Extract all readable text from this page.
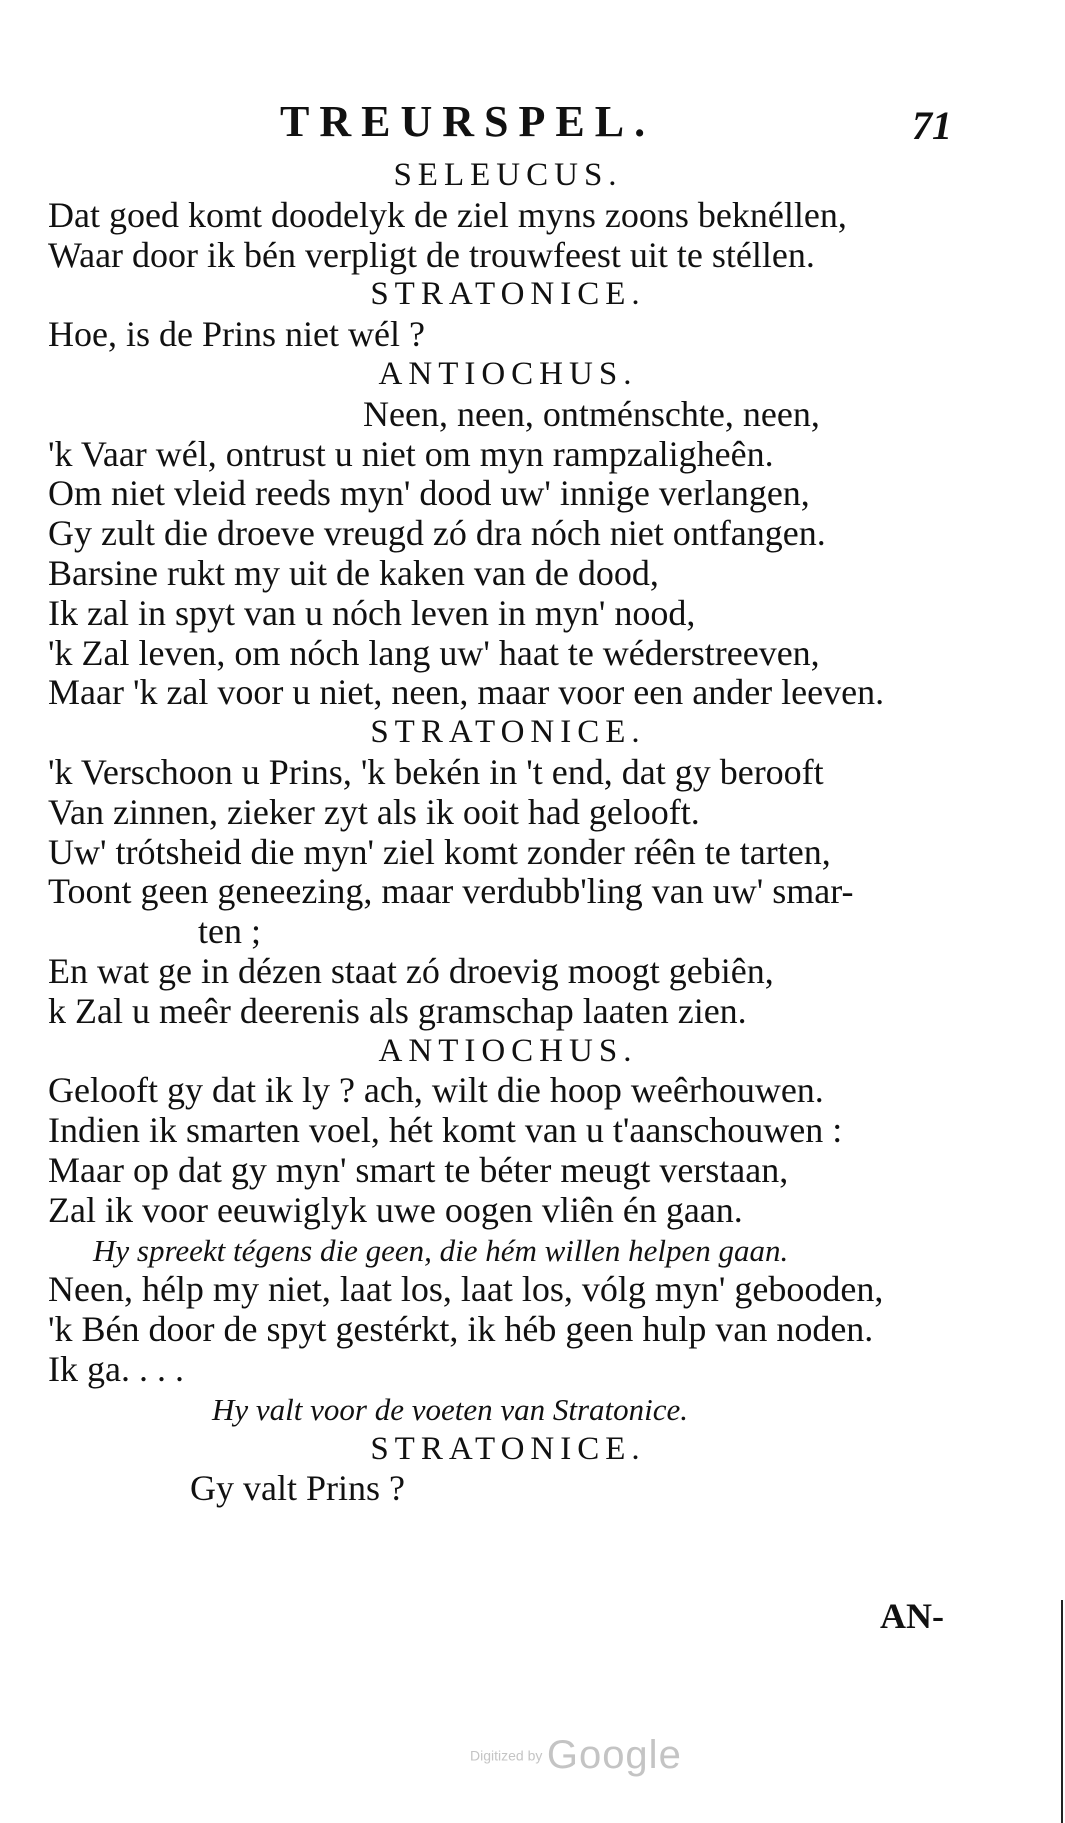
TREURSPEL.	71
SELEUCUS.
Dat goed komt doodelyk de ziel myns zoons beknéllen,
Waar door ik bén verpligt de trouwfeest uit te stéllen.
STRATONICE.
Hoe, is de Prins niet wél ?
ANTIOCHUS.
Neen, neen, ontménschte, neen,
'k Vaar wél, ontrust u niet om myn rampzaligheên.
Om niet vleid reeds myn' dood uw' innige verlangen,
Gy zult die droeve vreugd zó dra nóch niet ontfangen.
Barsine rukt my uit de kaken van de dood,
Ik zal in spyt van u nóch leven in myn' nood,
'k Zal leven, om nóch lang uw' haat te wéderstreeven,
Maar 'k zal voor u niet, neen, maar voor een ander leeven.
STRATONICE.
'k Verschoon u Prins, 'k bekén in 't end, dat gy berooft
Van zinnen, zieker zyt als ik ooit had gelooft.
Uw' trótsheid die myn' ziel komt zonder réên te tarten,
Toont geen geneezing, maar verdubb'ling van uw' smar-
ten ;
En wat ge in dézen staat zó droevig moogt gebiên,
k Zal u meêr deerenis als gramschap laaten zien.
ANTIOCHUS.
Gelooft gy dat ik ly ? ach, wilt die hoop weêrhouwen.
Indien ik smarten voel, hét komt van u t'aanschouwen :
Maar op dat gy myn' smart te béter meugt verstaan,
Zal ik voor eeuwiglyk uwe oogen vliên én gaan.
Hy spreekt tégens die geen, die hém willen helpen gaan.
Neen, hélp my niet, laat los, laat los, vólg myn' gebooden,
'k Bén door de spyt gestérkt, ik héb geen hulp van noden.
Ik ga. . . .
Hy valt voor de voeten van Stratonice.
STRATONICE.
Gy valt Prins ?
AN-
Digitized by Google
